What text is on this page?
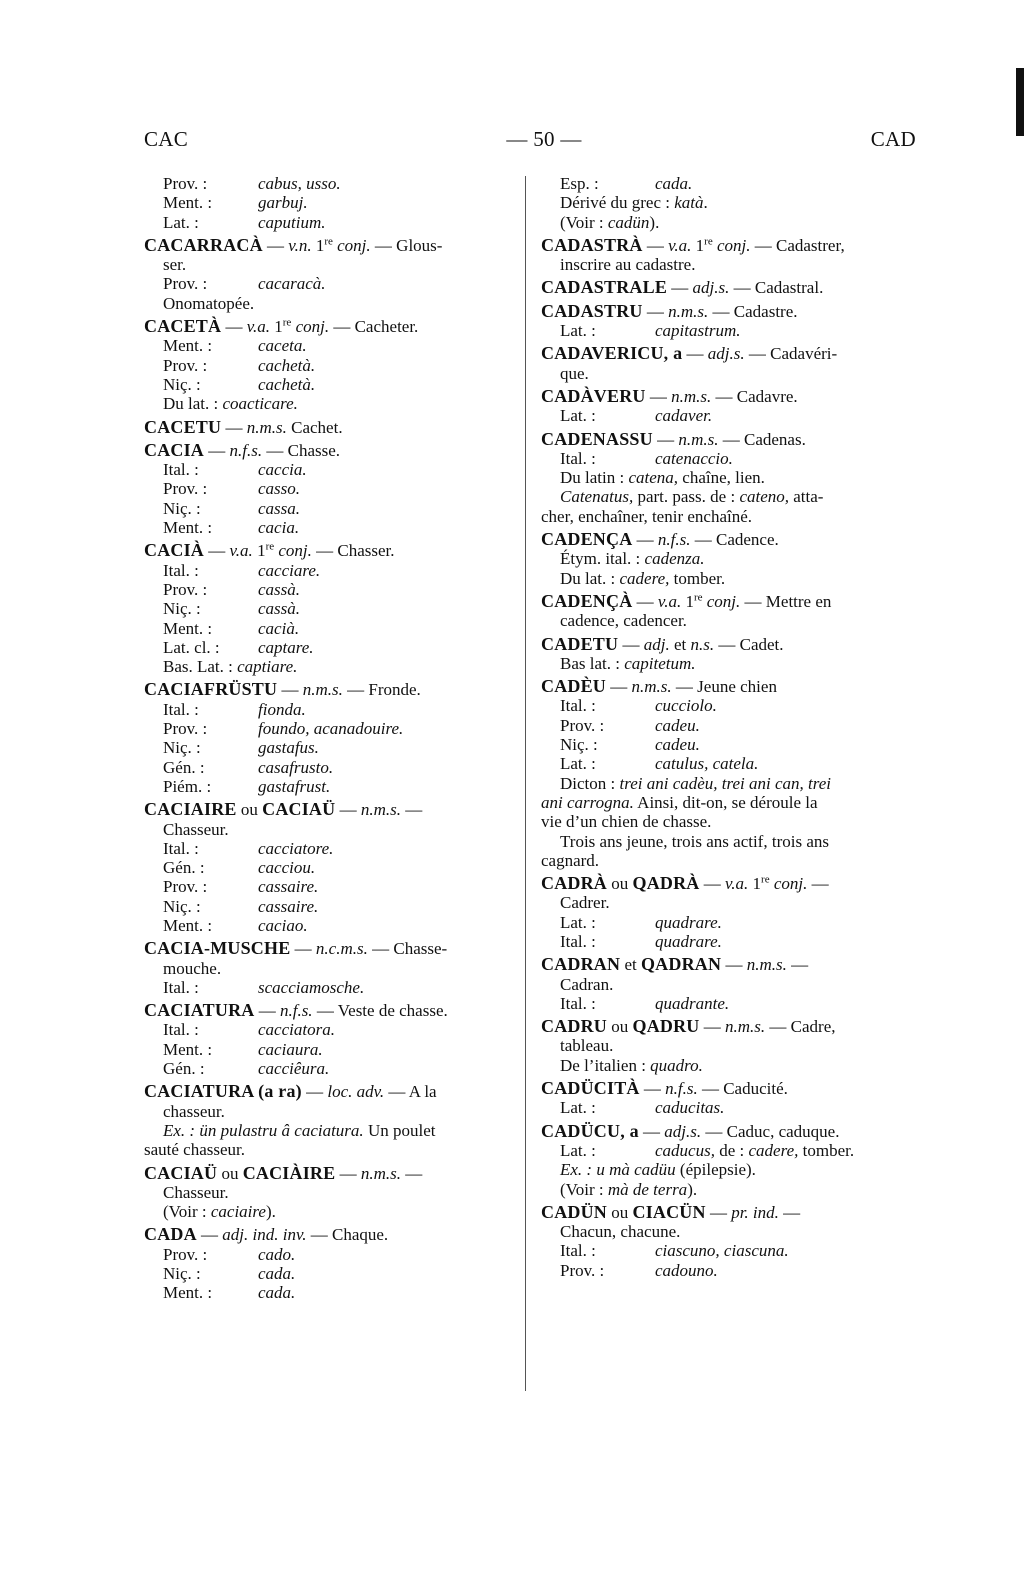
CAC	— 50 —	CAD
Prov. :	cabus, usso.
Ment. :	garbuj.
Lat. :	caputium.
CACARRACÀ — v.n. 1re conj. — Glous-
ser.
Prov. :	cacaracà.
Onomatopée.
CACETÀ — v.a. 1re conj. — Cacheter.
Ment. :	caceta.
Prov. :	cachetà.
Niç. :	cachetà.
Du lat. : coacticare.
CACETU — n.m.s. Cachet.
CACIA — n.f.s. — Chasse.
Ital. :	caccia.
Prov. :	casso.
Niç. :	cassa.
Ment. :	cacia.
CACIÀ — v.a. 1re conj. — Chasser.
Ital. :	cacciare.
Prov. :	cassà.
Niç. :	cassà.
Ment. :	cacià.
Lat. cl. : captare.
Bas. Lat. : captiare.
CACIAFRÜSTU — n.m.s. — Fronde.
Ital. :	fionda.
Prov. :	foundo, acanadouire.
Niç. :	gastafus.
Gén. :	casafrusto.
Piém. :	gastafrust.
CACIAIRE ou CACIAÜ — n.m.s. —
Chasseur.
Ital. :	cacciatore.
Gén. :	cacciou.
Prov. :	cassaire.
Niç. :	cassaire.
Ment. :	caciao.
CACIA-MUSCHE — n.c.m.s. — Chasse-
mouche.
Ital. :	scacciamosche.
CACIATURA — n.f.s. — Veste de chasse.
Ital. :	cacciatora.
Ment. :	caciaura.
Gén. :	cacciêura.
CACIATURA (a ra) — loc. adv. — A la
chasseur.
Ex. : ün pulastru â caciatura. Un poulet
sauté chasseur.
CACIAÜ ou CACIÀIRE — n.m.s. —
Chasseur.
(Voir : caciaire).
CADA — adj. ind. inv. — Chaque.
Prov. :	cado.
Niç. :	cada.
Ment. :	cada.
Esp. :	cada.
Dérivé du grec : katà.
(Voir : cadün).
CADASTRÀ — v.a. 1re conj. — Cadastrer,
inscrire au cadastre.
CADASTRALE — adj.s. — Cadastral.
CADASTRU — n.m.s. — Cadastre.
Lat. :	capitastrum.
CADAVERICU, a — adj.s. — Cadavéri-
que.
CADÀVERU — n.m.s. — Cadavre.
Lat. :	cadaver.
CADENASSU — n.m.s. — Cadenas.
Ital. :	catenaccio.
Du latin : catena, chaîne, lien.
Catenatus, part. pass. de : cateno, atta-
cher, enchaîner, tenir enchaîné.
CADENÇA — n.f.s. — Cadence.
Étym. ital. : cadenza.
Du lat. : cadere, tomber.
CADENÇÀ — v.a. 1re conj. — Mettre en
cadence, cadencer.
CADETU — adj. et n.s. — Cadet.
Bas lat. : capitetum.
CADÈU — n.m.s. — Jeune chien
Ital. :	cucciolo.
Prov. :	cadeu.
Niç. :	cadeu.
Lat. :	catulus, catela.
Dicton : trei ani cadèu, trei ani can, trei
ani carrogna. Ainsi, dit-on, se déroule la
vie d’un chien de chasse.
Trois ans jeune, trois ans actif, trois ans
cagnard.
CADRÀ ou QADRÀ — v.a. 1re conj. —
Cadrer.
Lat. :	quadrare.
Ital. :	quadrare.
CADRAN et QADRAN — n.m.s. —
Cadran.
Ital. :	quadrante.
CADRU ou QADRU — n.m.s. — Cadre,
tableau.
De l’italien : quadro.
CADÜCITÀ — n.f.s. — Caducité.
Lat. :	caducitas.
CADÜCU, a — adj.s. — Caduc, caduque.
Lat. :	caducus, de : cadere, tomber.
Ex. : u mà cadüu (épilepsie).
(Voir : mà de terra).
CADÜN ou CIACÜN — pr. ind. —
Chacun, chacune.
Ital. :	ciascuno, ciascuna.
Prov. :	cadouno.
